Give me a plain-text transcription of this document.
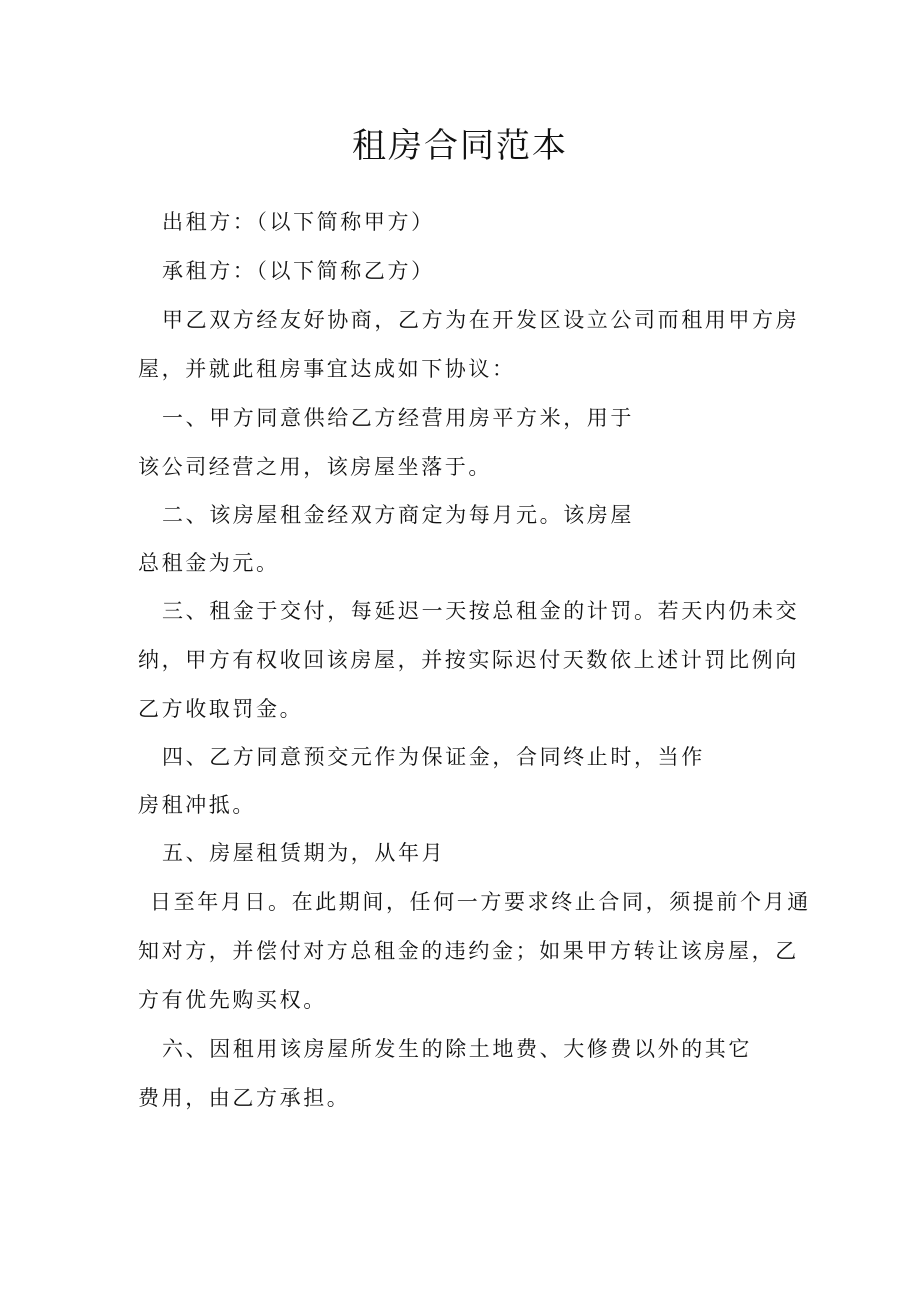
租房合同范本

出租方：（以下简称甲方）

承租方：（以下简称乙方）

甲乙双方经友好协商，乙方为在开发区设立公司而租用甲方房

屋，并就此租房事宜达成如下协议：

一、甲方同意供给乙方经营用房平方米，用于

该公司经营之用，该房屋坐落于。

二、该房屋租金经双方商定为每月元。该房屋

总租金为元。

三、租金于交付，每延迟一天按总租金的计罚。若天内仍未交

纳，甲方有权收回该房屋，并按实际迟付天数依上述计罚比例向

乙方收取罚金。

四、乙方同意预交元作为保证金，合同终止时，当作

房租冲抵。

五、房屋租赁期为，从年月

日至年月日。在此期间，任何一方要求终止合同，须提前个月通

知对方，并偿付对方总租金的违约金；如果甲方转让该房屋，乙

方有优先购买权。

六、因租用该房屋所发生的除土地费、大修费以外的其它

费用，由乙方承担。
